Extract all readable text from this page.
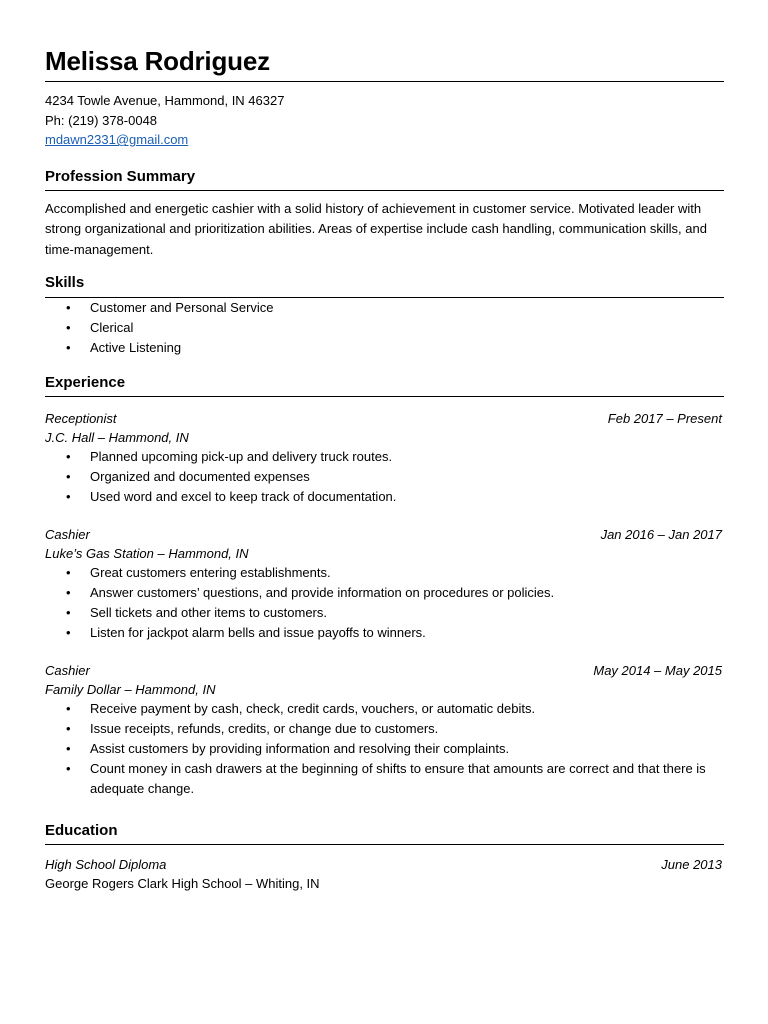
Melissa Rodriguez
4234 Towle Avenue, Hammond, IN 46327
Ph: (219) 378-0048
mdawn2331@gmail.com
Profession Summary
Accomplished and energetic cashier with a solid history of achievement in customer service. Motivated leader with strong organizational and prioritization abilities. Areas of expertise include cash handling, communication skills, and time-management.
Skills
• Customer and Personal Service
• Clerical
• Active Listening
Experience
Receptionist	Feb 2017 – Present
J.C. Hall – Hammond, IN
• Planned upcoming pick-up and delivery truck routes.
• Organized and documented expenses
• Used word and excel to keep track of documentation.
Cashier	Jan 2016 – Jan 2017
Luke’s Gas Station – Hammond, IN
• Great customers entering establishments.
• Answer customers’ questions, and provide information on procedures or policies.
• Sell tickets and other items to customers.
• Listen for jackpot alarm bells and issue payoffs to winners.
Cashier	May 2014 – May 2015
Family Dollar – Hammond, IN
• Receive payment by cash, check, credit cards, vouchers, or automatic debits.
• Issue receipts, refunds, credits, or change due to customers.
• Assist customers by providing information and resolving their complaints.
• Count money in cash drawers at the beginning of shifts to ensure that amounts are correct and that there is adequate change.
Education
High School Diploma	June 2013
George Rogers Clark High School – Whiting, IN
